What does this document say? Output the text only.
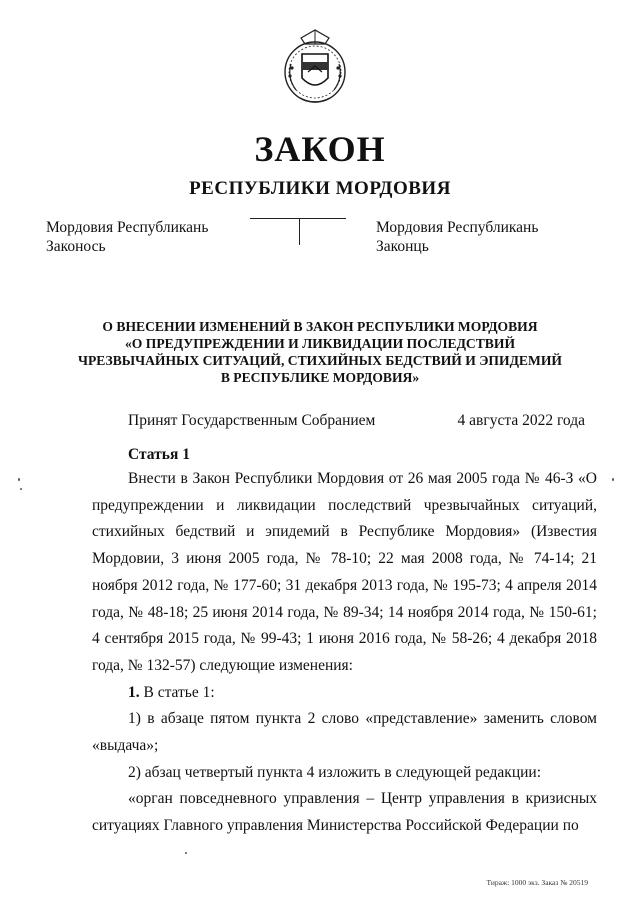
ЗАКОН
РЕСПУБЛИКИ МОРДОВИЯ
Мордовия Республикань
Законось
Мордовия Республикань
Законць
О ВНЕСЕНИИ ИЗМЕНЕНИЙ В ЗАКОН РЕСПУБЛИКИ МОРДОВИЯ
«О ПРЕДУПРЕЖДЕНИИ И ЛИКВИДАЦИИ ПОСЛЕДСТВИЙ
ЧРЕЗВЫЧАЙНЫХ СИТУАЦИЙ, СТИХИЙНЫХ БЕДСТВИЙ И ЭПИДЕМИЙ
В РЕСПУБЛИКЕ МОРДОВИЯ»
Принят Государственным Собранием	4 августа 2022 года
Статья 1

Внести в Закон Республики Мордовия от 26 мая 2005 года № 46-З «О предупреждении и ликвидации последствий чрезвычайных ситуаций, стихийных бедствий и эпидемий в Республике Мордовия» (Известия Мордовии, 3 июня 2005 года, № 78-10; 22 мая 2008 года, № 74-14; 21 ноября 2012 года, № 177-60; 31 декабря 2013 года, № 195-73; 4 апреля 2014 года, № 48-18; 25 июня 2014 года, № 89-34; 14 ноября 2014 года, № 150-61; 4 сентября 2015 года, № 99-43; 1 июня 2016 года, № 58-26; 4 декабря 2018 года, № 132-57) следующие изменения:

1. В статье 1:

1) в абзаце пятом пункта 2 слово «представление» заменить словом «выдача»;

2) абзац четвертый пункта 4 изложить в следующей редакции:

«орган повседневного управления – Центр управления в кризисных ситуациях Главного управления Министерства Российской Федерации по

Тираж: 1000 экз. Заказ № 20519
